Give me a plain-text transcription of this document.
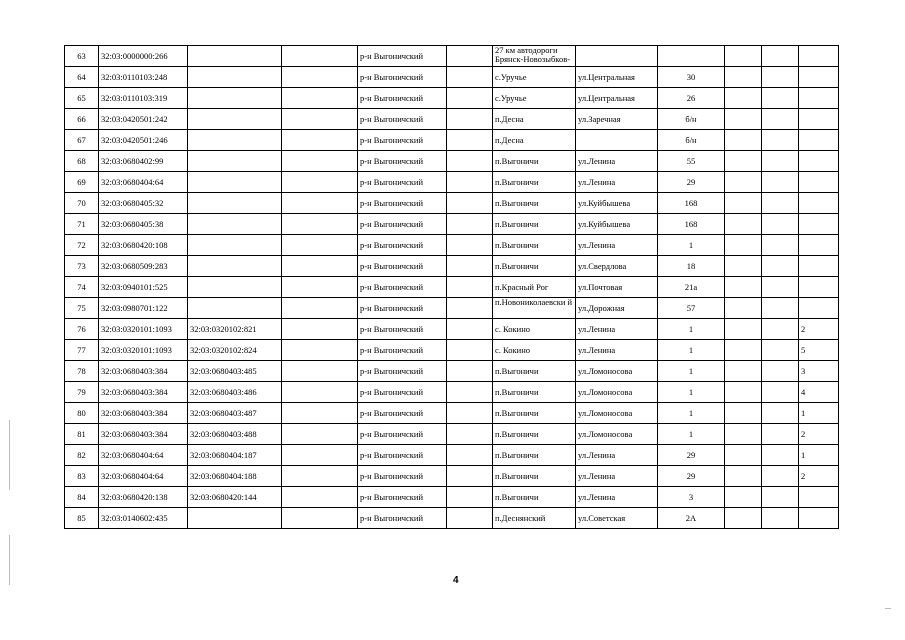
63	32:03:0000000:266			р-н Выгоничский		27 км автодороги Брянск-Новозыбков-					
64	32:03:0110103:248			р-н Выгоничский		с.Уручье	ул.Центральная	30			
65	32:03:0110103:319			р-н Выгоничский		с.Уручье	ул.Центральная	26			
66	32:03:0420501:242			р-н Выгоничский		п.Десна	ул.Заречная	б/н			
67	32:03:0420501:246			р-н Выгоничский		п.Десна		б/н			
68	32:03:0680402:99			р-н Выгоничский		п.Выгоничи	ул.Ленина	55			
69	32:03:0680404:64			р-н Выгоничский		п.Выгоничи	ул.Ленина	29			
70	32:03:0680405:32			р-н Выгоничский		п.Выгоничи	ул.Куйбышева	168			
71	32:03:0680405:38			р-н Выгоничский		п.Выгоничи	ул.Куйбышева	168			
72	32:03:0680420:108			р-н Выгоничский		п.Выгоничи	ул.Ленина	1			
73	32:03:0680509:283			р-н Выгоничский		п.Выгоничи	ул.Свердлова	18			
74	32:03:0940101:525			р-н Выгоничский		п.Красный Рог	ул.Почтовая	21а			
75	32:03:0980701:122			р-н Выгоничский		п.Новониколаевски й	ул.Дорожная	57			
76	32:03:0320101:1093	32:03:0320102:821		р-н Выгоничский		с. Кокино	ул.Ленина	1			2
77	32:03:0320101:1093	32:03:0320102:824		р-н Выгоничский		с. Кокино	ул.Ленина	1			5
78	32:03:0680403:384	32:03:0680403:485		р-н Выгоничский		п.Выгоничи	ул.Ломоносова	1			3
79	32:03:0680403:384	32:03:0680403:486		р-н Выгоничский		п.Выгоничи	ул.Ломоносова	1			4
80	32:03:0680403:384	32:03:0680403:487		р-н Выгоничский		п.Выгоничи	ул.Ломоносова	1			1
81	32:03:0680403:384	32:03:0680403:488		р-н Выгоничский		п.Выгоничи	ул.Ломоносова	1			2
82	32:03:0680404:64	32:03:0680404:187		р-н Выгоничский		п.Выгоничи	ул.Ленина	29			1
83	32:03:0680404:64	32:03:0680404:188		р-н Выгоничский		п.Выгоничи	ул.Ленина	29			2
84	32:03:0680420:138	32:03:0680420:144		р-н Выгоничский		п.Выгоничи	ул.Ленина	3			
85	32:03:0140602:435			р-н Выгоничский		п.Деснянский	ул.Советская	2А			
4
